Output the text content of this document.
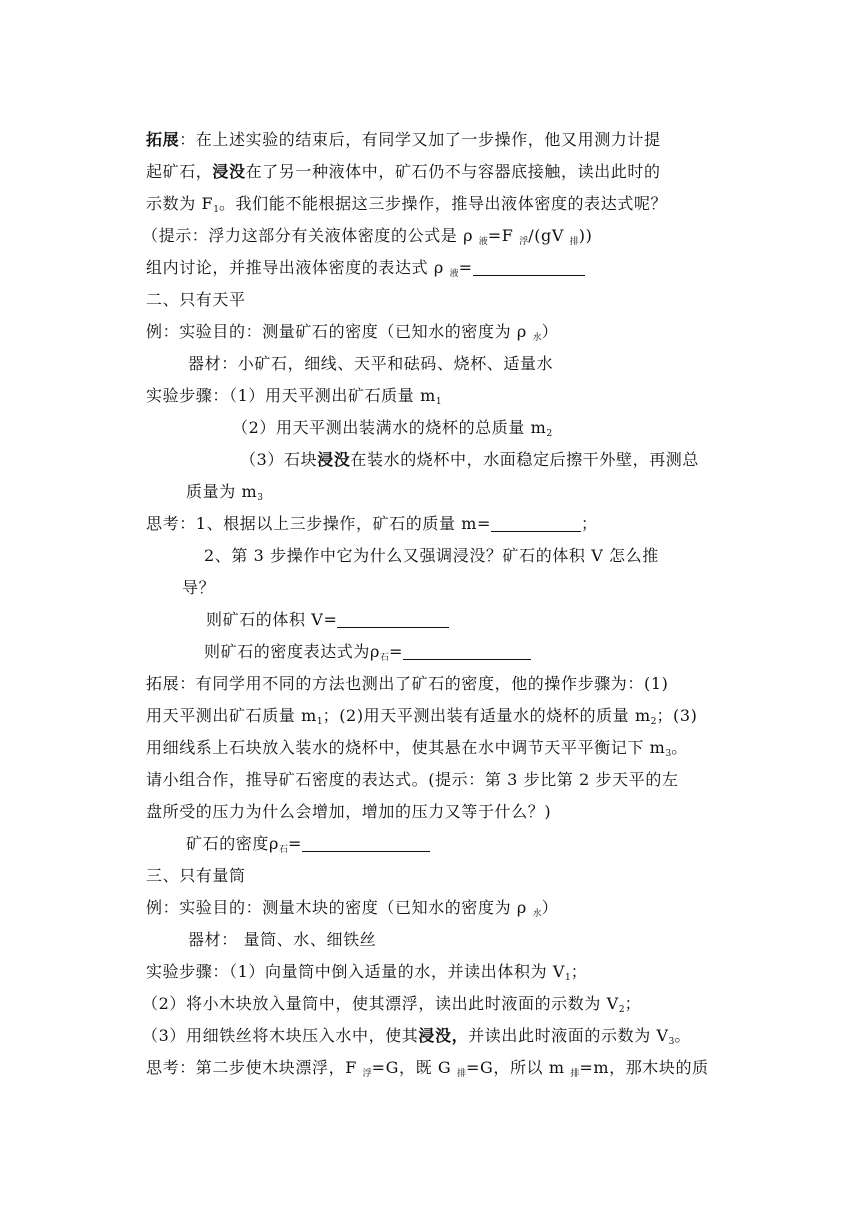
拓展：在上述实验的结束后，有同学又加了一步操作，他又用测力计提
起矿石，浸没在了另一种液体中，矿石仍不与容器底接触，读出此时的
示数为 $F_1$。我们能不能根据这三步操作，推导出液体密度的表达式呢？
（提示：浮力这部分有关液体密度的公式是 ρ $_液$=F $_浮$/(gV $_排$))
组内讨论，并推导出液体密度的表达式 ρ $_液$=
二、只有天平
例：实验目的：测量矿石的密度（已知水的密度为 ρ $_水$）
器材：小矿石，细线、天平和砝码、烧杯、适量水
实验步骤：（1）用天平测出矿石质量 $m_1$
（2）用天平测出装满水的烧杯的总质量 $m_2$
（3）石块浸没在装水的烧杯中，水面稳定后擦干外壁，再测总
质量为 $m_3$
思考：1、根据以上三步操作，矿石的质量 m=	；
2、第 3 步操作中它为什么又强调浸没？矿石的体积 V 怎么推
导？
则矿石的体积 V=
则矿石的密度表达式为$\rho_石=$
拓展：有同学用不同的方法也测出了矿石的密度，他的操作步骤为：(1)
用天平测出矿石质量 $m_1$；(2)用天平测出装有适量水的烧杯的质量 $m_2$；(3)
用细线系上石块放入装水的烧杯中，使其悬在水中调节天平平衡记下 $m_3$。
请小组合作，推导矿石密度的表达式。(提示：第 3 步比第 2 步天平的左
盘所受的压力为什么会增加，增加的压力又等于什么？)
矿石的密度$\rho_石=$
三、只有量筒
例：实验目的：测量木块的密度（已知水的密度为 ρ $_水$）
器材： 量筒、水、细铁丝
实验步骤：（1）向量筒中倒入适量的水，并读出体积为 $V_1$；
（2）将小木块放入量筒中，使其漂浮，读出此时液面的示数为 $V_2$；
（3）用细铁丝将木块压入水中，使其浸没，并读出此时液面的示数为 $V_3$。
思考：第二步使木块漂浮，F $_浮$=G，既 G $_排$=G，所以 m $_排$=m，那木块的质
